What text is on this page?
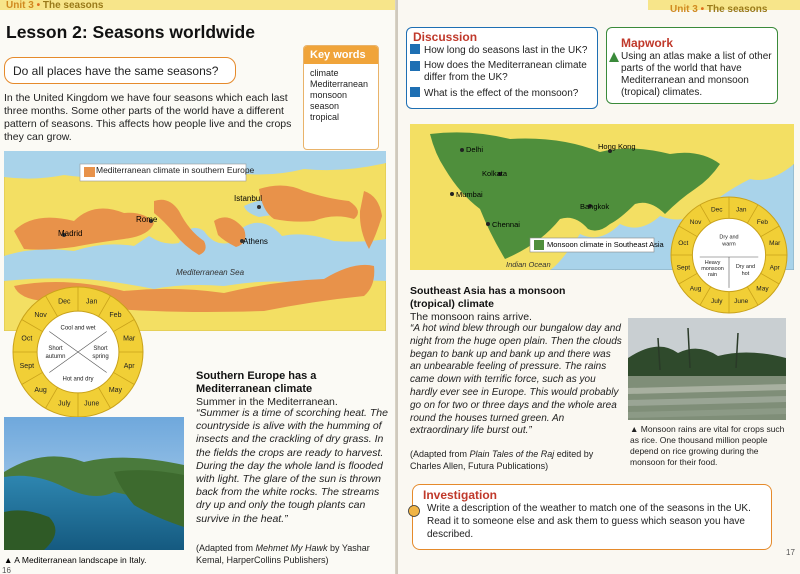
Unit 3 • The seasons
Lesson 2: Seasons worldwide
Do all places have the same seasons?
Key words
climate
Mediterranean
monsoon
season
tropical
In the United Kingdom we have four seasons which each last three months. Some other parts of the world have a different pattern of seasons. This affects how people live and the crops they can grow.
Mediterranean climate in southern Europe
Madrid
Rome
Istanbul
Athens
Mediterranean Sea
Jan
Feb
Mar
Apr
May
June
July
Aug
Sept
Oct
Nov
Dec
Cool and wet
Short
spring
Hot and dry
Short
autumn
Southern Europe has a Mediterranean climate
Summer in the Mediterranean.
“Summer is a time of scorching heat. The countryside is alive with the humming of insects and the crackling of dry grass. In the fields the crops are ready to harvest. During the day the whole land is flooded with light. The glare of the sun is thrown back from the white rocks. The streams dry up and only the tough plants can survive in the heat.”
(Adapted from Mehmet My Hawk by Yashar Kemal, HarperCollins Publishers)
▲ A Mediterranean landscape in Italy.
16
Unit 3 • The seasons
Discussion
How long do seasons last in the UK?
How does the Mediterranean climate differ from the UK?
What is the effect of the monsoon?
Mapwork
Using an atlas make a list of other parts of the world that have Mediterranean and monsoon (tropical) climates.
Delhi	Hong Kong
Kolkata
Mumbai
Bangkok
Chennai
Indian Ocean
Monsoon climate in Southeast Asia
Jan
Feb
Mar
Apr
May
June
July
Aug
Sept
Oct
Nov
Dec
Dry and
warm
Dry and
hot
Heavy
monsoon
rain
Southeast Asia has a monsoon (tropical) climate
The monsoon rains arrive.
“A hot wind blew through our bungalow day and night from the huge open plain. Then the clouds began to bank up and bank up and there was an unbearable feeling of pressure. The rains came down with terrific force, such as you hardly ever see in Europe. This would probably go on for two or three days and the whole area round the houses turned green. An extraordinary life burst out.”
(Adapted from Plain Tales of the Raj edited by Charles Allen, Futura Publications)
▲ Monsoon rains are vital for crops such as rice. One thousand million people depend on rice growing during the monsoon for their food.
Investigation
Write a description of the weather to match one of the seasons in the UK. Read it to someone else and ask them to guess which season you have described.
17
